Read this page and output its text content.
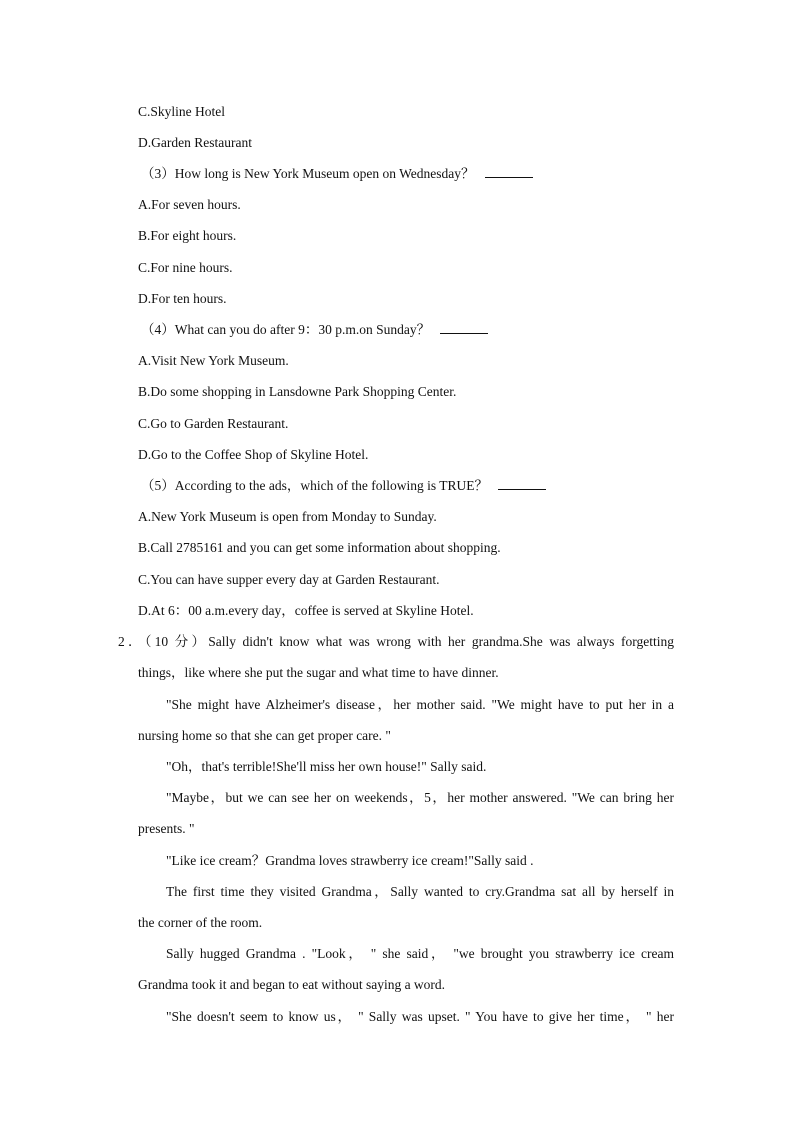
C.Skyline Hotel
D.Garden Restaurant
（3）How long is New York Museum open on Wednesday？
A.For seven hours.
B.For eight hours.
C.For nine hours.
D.For ten hours.
（4）What can you do after 9：30 p.m.on Sunday？
A.Visit New York Museum.
B.Do some shopping in Lansdowne Park Shopping Center.
C.Go to Garden Restaurant.
D.Go to the Coffee Shop of Skyline Hotel.
（5）According to the ads，which of the following is TRUE？
A.New York Museum is open from Monday to Sunday.
B.Call 2785161 and you can get some information about shopping.
C.You can have supper every day at Garden Restaurant.
D.At 6：00 a.m.every day，coffee is served at Skyline Hotel.
2．（10 分）Sally didn't know what was wrong with her grandma.She was always forgetting
things，like where she put the sugar and what time to have dinner.
"She might have Alzheimer's disease，her mother said. "We might have to put her in a
nursing home so that she can get proper care. "
"Oh，that's terrible!She'll miss her own house!" Sally said.
"Maybe，but we can see her on weekends，5，her mother answered. "We can bring her
presents. "
"Like ice cream？Grandma loves strawberry ice cream!"Sally said .
The first time they visited Grandma，Sally wanted to cry.Grandma sat all by herself in
the corner of the room.
Sally hugged Grandma . "Look， " she said， "we brought you strawberry ice cream
Grandma took it and began to eat without saying a word.
"She doesn't seem to know us， " Sally was upset. " You have to give her time， " her
